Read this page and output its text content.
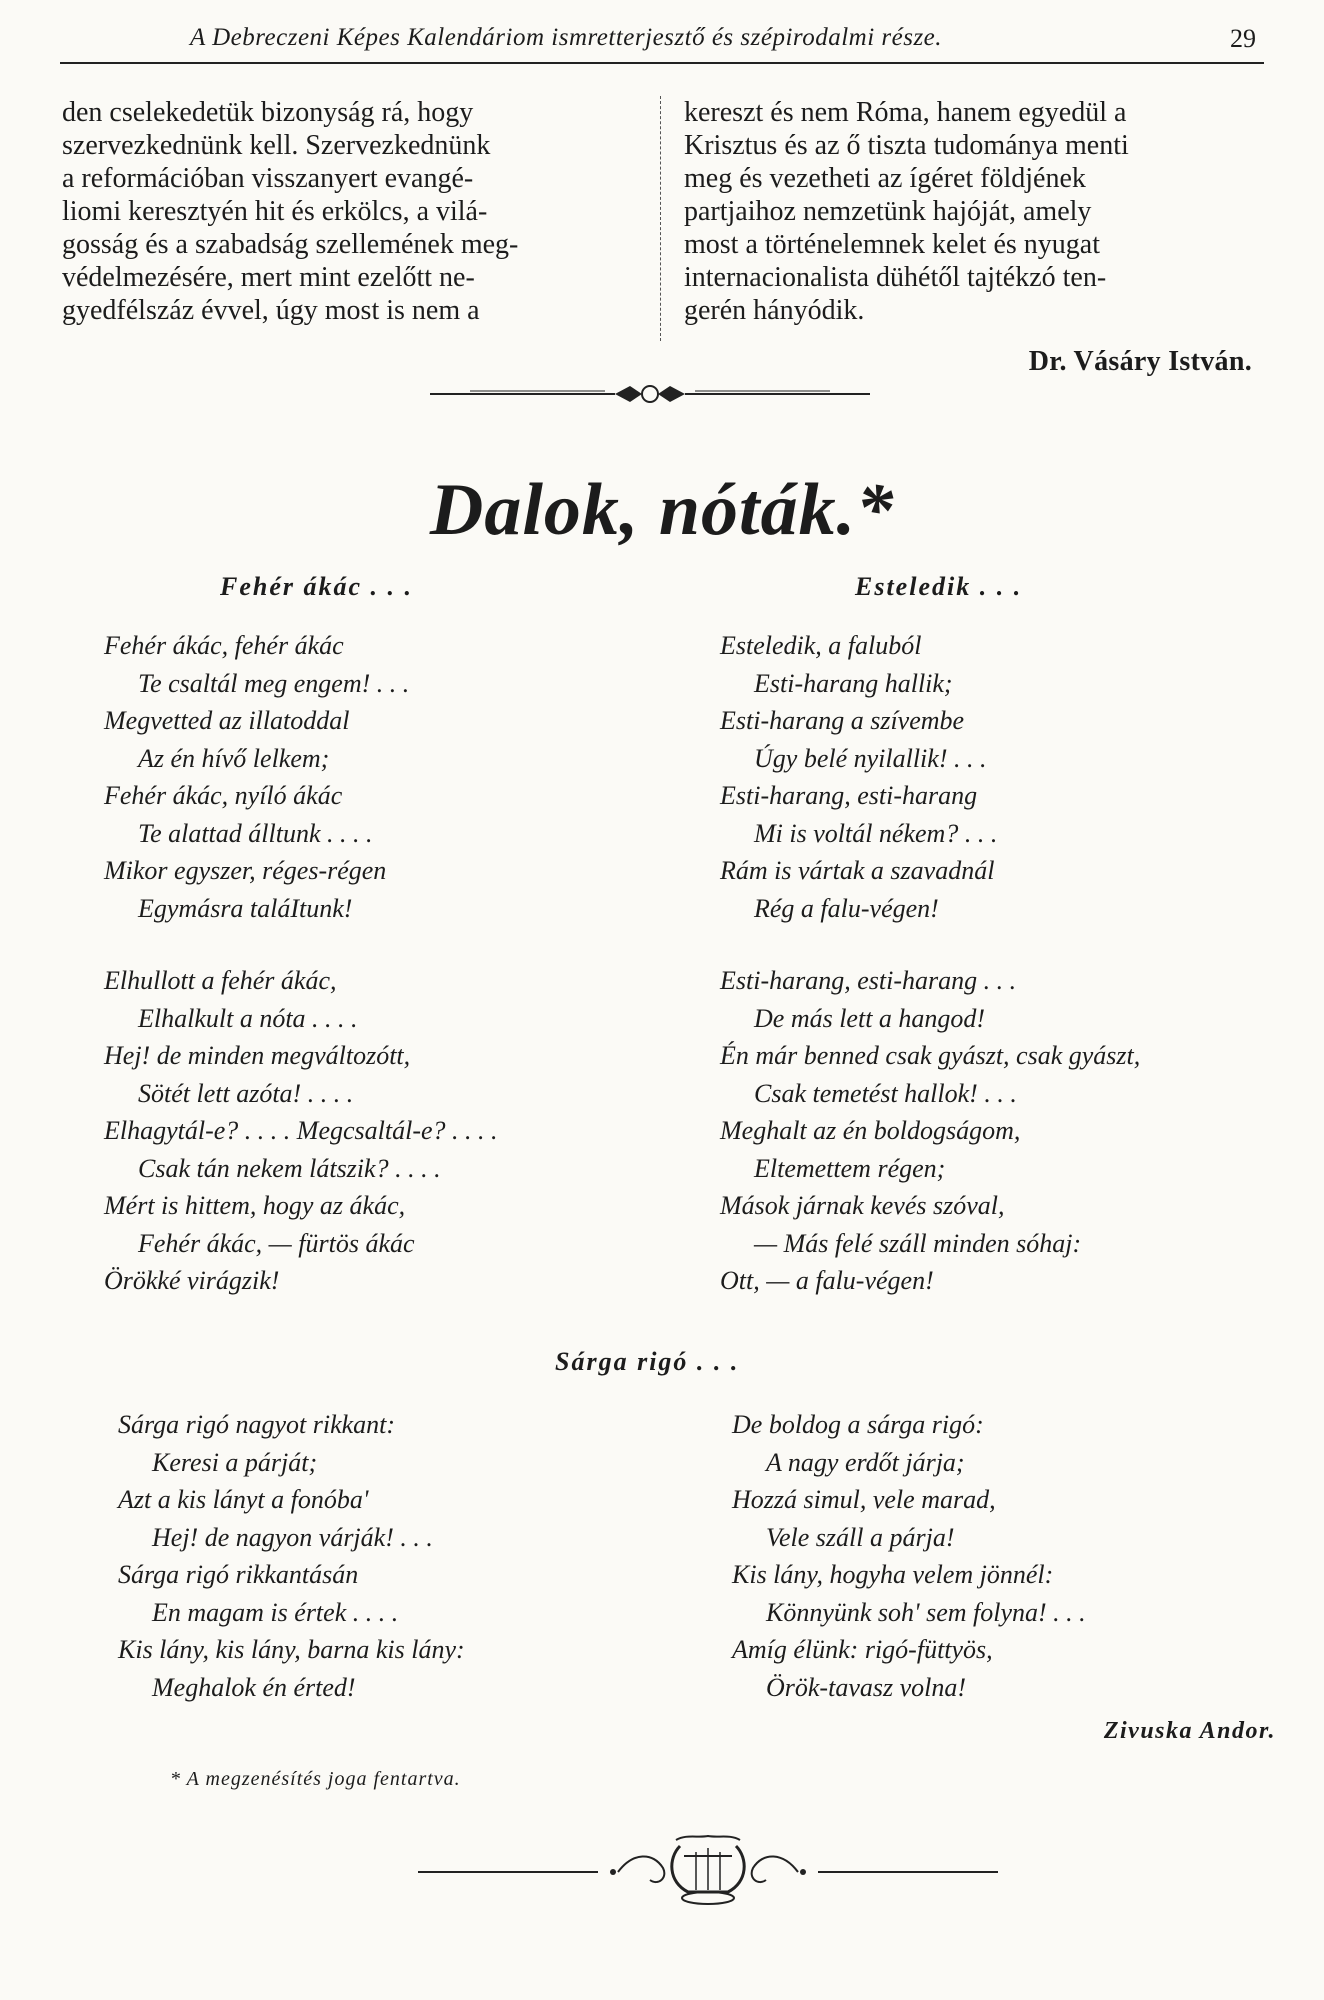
A Debreczeni Képes Kalendáriom ismretterjesztő és szépirodalmi része.	29
den cselekedetük bizonyság rá, hogy
szervezkednünk kell. Szervezkednünk
a reformációban visszanyert evangé-
liomi keresztyén hit és erkölcs, a vilá-
gosság és a szabadság szellemének meg-
védelmezésére, mert mint ezelőtt ne-
gyedfélszáz évvel, úgy most is nem a
kereszt és nem Róma, hanem egyedül a
Krisztus és az ő tiszta tudománya menti
meg és vezetheti az ígéret földjének
partjaihoz nemzetünk hajóját, amely
most a történelemnek kelet és nyugat
internacionalista dühétől tajtékzó ten-
gerén hányódik.
Dr. Vásáry István.
Dalok, nóták.*
Fehér ákác . . .	Esteledik . . .
Fehér ákác, fehér ákác
Te csaltál meg engem! . . .
Megvetted az illatoddal
Az én hívő lelkem;
Fehér ákác, nyíló ákác
Te alattad álltunk . . . .
Mikor egyszer, réges-régen
Egymásra taláItunk!
Elhullott a fehér ákác,
Elhalkult a nóta . . . .
Hej! de minden megváltozótt,
Sötét lett azóta! . . . .
Elhagytál-e? . . . . Megcsaltál-e? . . . .
Csak tán nekem látszik? . . . .
Mért is hittem, hogy az ákác,
Fehér ákác, — fürtös ákác
Örökké virágzik!
Esteledik, a faluból
Esti-harang hallik;
Esti-harang a szívembe
Úgy belé nyilallik! . . .
Esti-harang, esti-harang
Mi is voltál nékem? . . .
Rám is vártak a szavadnál
Rég a falu-végen!
Esti-harang, esti-harang . . .
De más lett a hangod!
Én már benned csak gyászt, csak gyászt,
Csak temetést hallok! . . .
Meghalt az én boldogságom,
Eltemettem régen;
Mások járnak kevés szóval,
— Más felé száll minden sóhaj:
Ott, — a falu-végen!
Sárga rigó . . .
Sárga rigó nagyot rikkant:
Keresi a párját;
Azt a kis lányt a fonóba'
Hej! de nagyon várják! . . .
Sárga rigó rikkantásán
En magam is értek . . . .
Kis lány, kis lány, barna kis lány:
Meghalok én érted!
De boldog a sárga rigó:
A nagy erdőt járja;
Hozzá simul, vele marad,
Vele száll a párja!
Kis lány, hogyha velem jönnél:
Könnyünk soh' sem folyna! . . .
Amíg élünk: rigó-füttyös,
Örök-tavasz volna!
Zivuska Andor.
* A megzenésítés joga fentartva.
